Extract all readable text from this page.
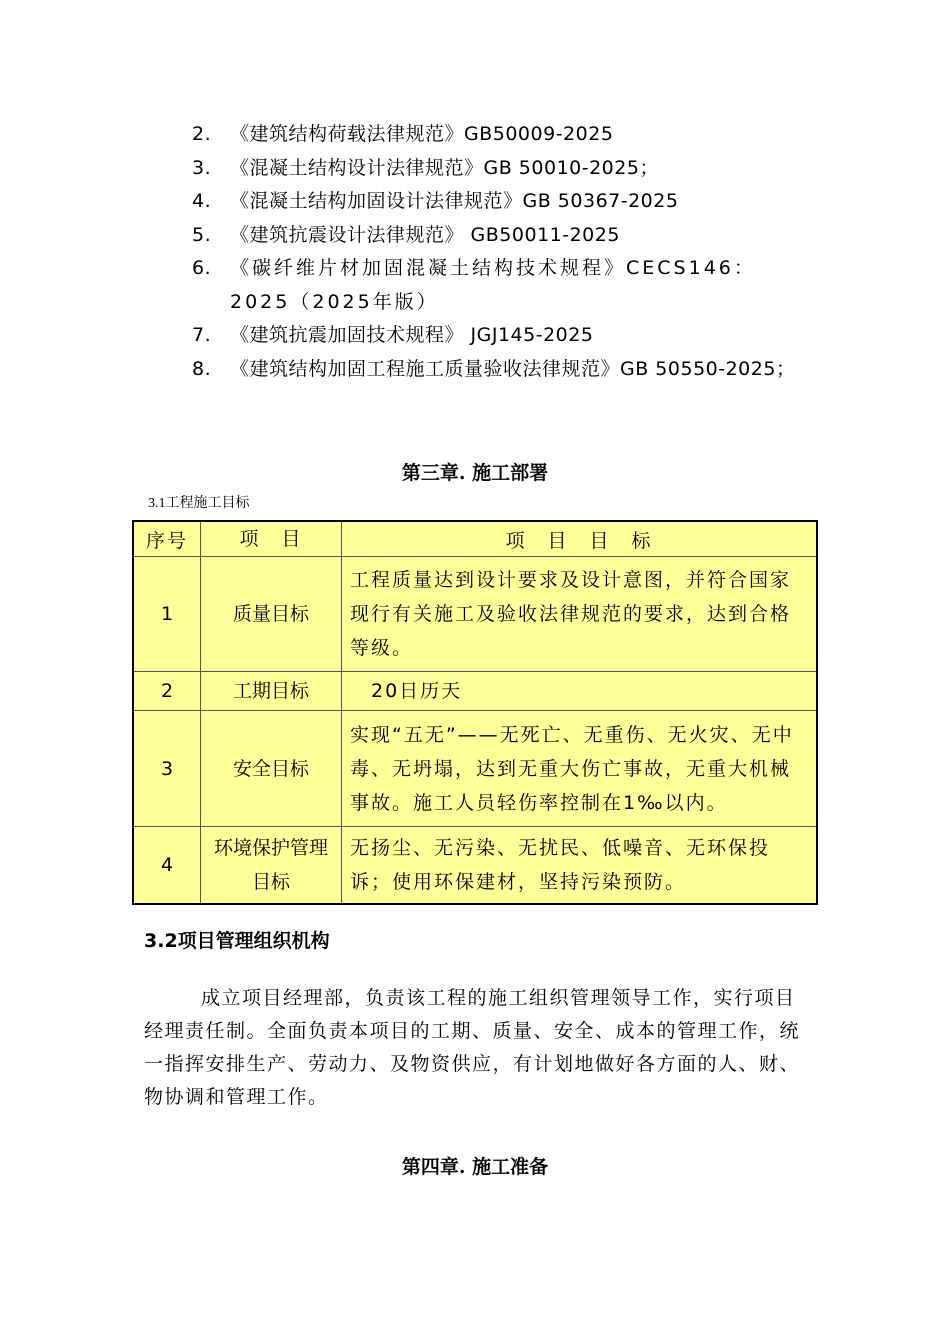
2. 《建筑结构荷载法律规范》GB50009-2025
3. 《混凝土结构设计法律规范》GB 50010-2025；
4. 《混凝土结构加固设计法律规范》GB 50367-2025
5. 《建筑抗震设计法律规范》 GB50011-2025
6. 《碳纤维片材加固混凝土结构技术规程》CECS146：2025（2025年版）
7. 《建筑抗震加固技术规程》 JGJ145-2025
8. 《建筑结构加固工程施工质量验收法律规范》GB 50550-2025；
第三章. 施工部署
3.1工程施工目标
序号	项　目	项　目　目　标
1	质量目标	工程质量达到设计要求及设计意图，并符合国家现行有关施工及验收法律规范的要求，达到合格等级。
2	工期目标	　20日历天
3	安全目标	实现“五无”——无死亡、无重伤、无火灾、无中毒、无坍塌，达到无重大伤亡事故，无重大机械事故。施工人员轻伤率控制在1‰以内。
4	环境保护管理目标	无扬尘、无污染、无扰民、低噪音、无环保投诉；使用环保建材，坚持污染预防。
3.2项目管理组织机构
成立项目经理部，负责该工程的施工组织管理领导工作，实行项目经理责任制。全面负责本项目的工期、质量、安全、成本的管理工作，统一指挥安排生产、劳动力、及物资供应，有计划地做好各方面的人、财、物协调和管理工作。
第四章. 施工准备
